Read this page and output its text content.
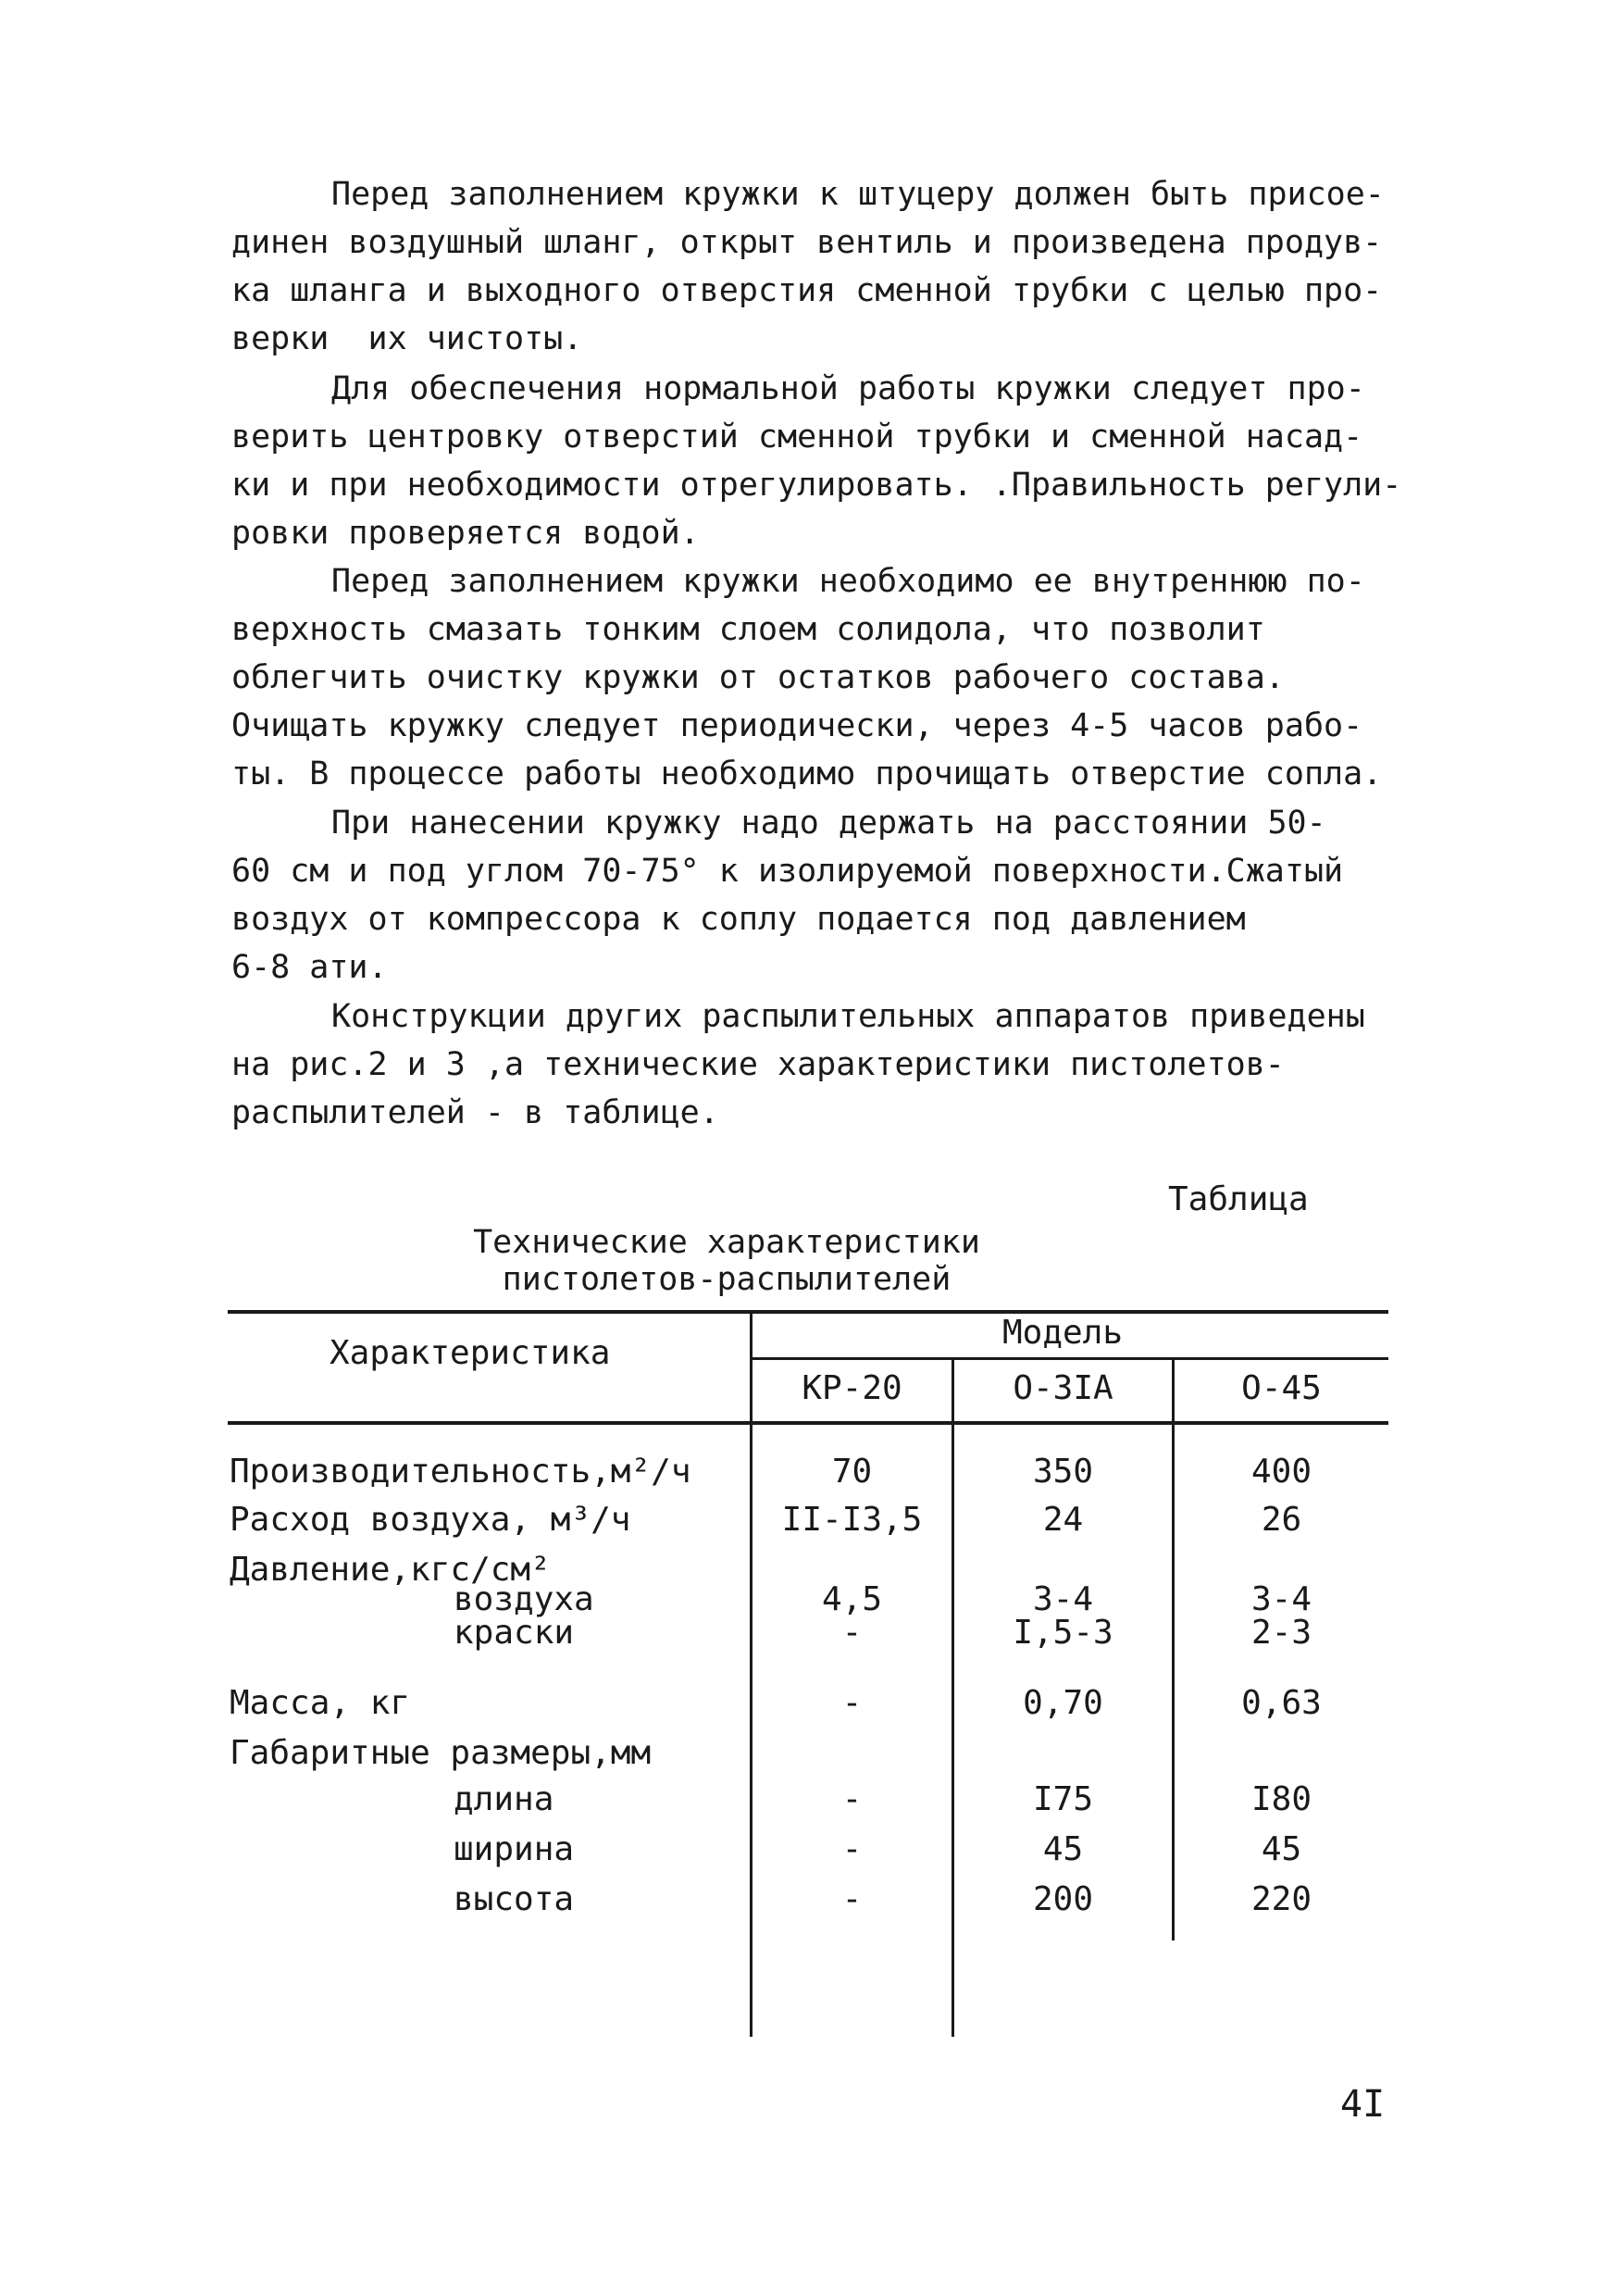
Перед заполнением кружки к штуцеру должен быть присое-
динен воздушный шланг, открыт вентиль и произведена продув-
ка шланга и выходного отверстия сменной трубки с целью про-
верки  их чистоты.
Для обеспечения нормальной работы кружки следует про-
верить центровку отверстий сменной трубки и сменной насад-
ки и при необходимости отрегулировать. .Правильность регули-
ровки проверяется водой.
Перед заполнением кружки необходимо ее внутреннюю по-
верхность смазать тонким слоем солидола, что позволит
облегчить очистку кружки от остатков рабочего состава.
Очищать кружку следует периодически, через 4-5 часов рабо-
ты. В процессе работы необходимо прочищать отверстие сопла.
При нанесении кружку надо держать на расстоянии 50-
60 см и под углом 70-75° к изолируемой поверхности.Сжатый
воздух от компрессора к соплу подается под давлением
6-8 ати.
Конструкции других распылительных аппаратов приведены
на рис.2 и 3 ,а технические характеристики пистолетов-
распылителей - в таблице.
Таблица
Технические характеристики
пистолетов-распылителей
Характеристика
Модель
КР-20	О-3IА	О-45
Производительность,м²/ч	70	350	400
Расход воздуха, м³/ч	II-I3,5	24	26
Давление,кгс/см²
воздуха	4,5	3-4	3-4
краски	-	I,5-3	2-3
Масса, кг	-	0,70	0,63
Габаритные размеры,мм
длина	-	I75	I80
ширина	-	45	45
высота	-	200	220
4I
